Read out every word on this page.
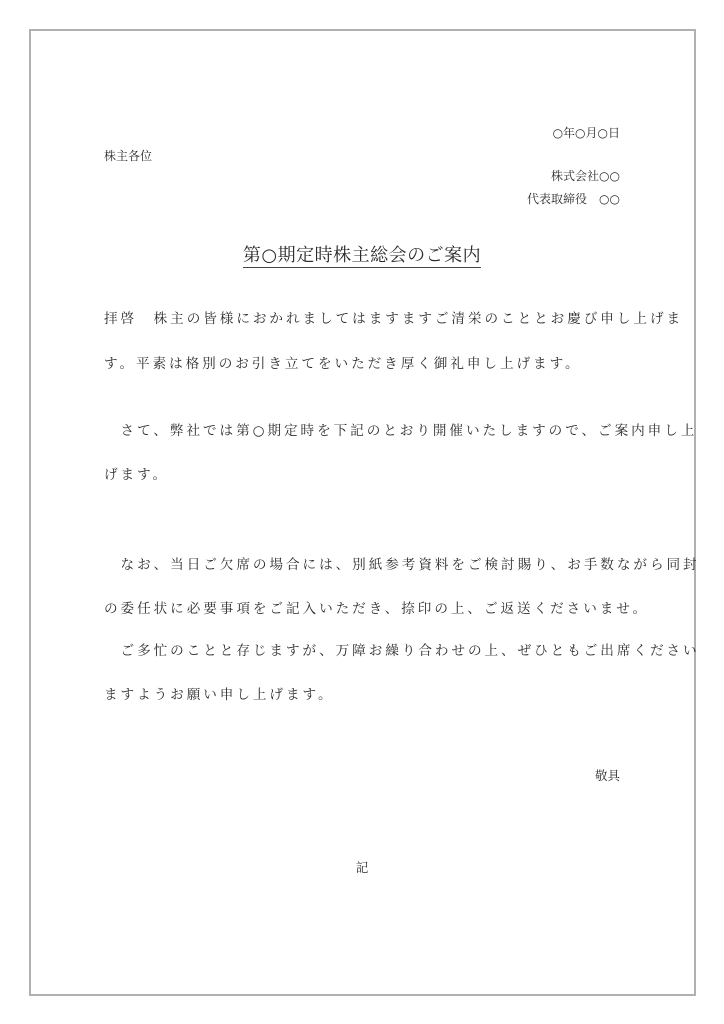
○年○月○日
株主各位
株式会社○○
代表取締役　○○
第○期定時株主総会のご案内
拝啓　株主の皆様におかれましてはますますご清栄のこととお慶び申し上げま
す。平素は格別のお引き立てをいただき厚く御礼申し上げます。
　さて、弊社では第○期定時を下記のとおり開催いたしますので、ご案内申し上
げます。
　なお、当日ご欠席の場合には、別紙参考資料をご検討賜り、お手数ながら同封
の委任状に必要事項をご記入いただき、捺印の上、ご返送くださいませ。
　ご多忙のことと存じますが、万障お繰り合わせの上、ぜひともご出席ください
ますようお願い申し上げます。
敬具
記
